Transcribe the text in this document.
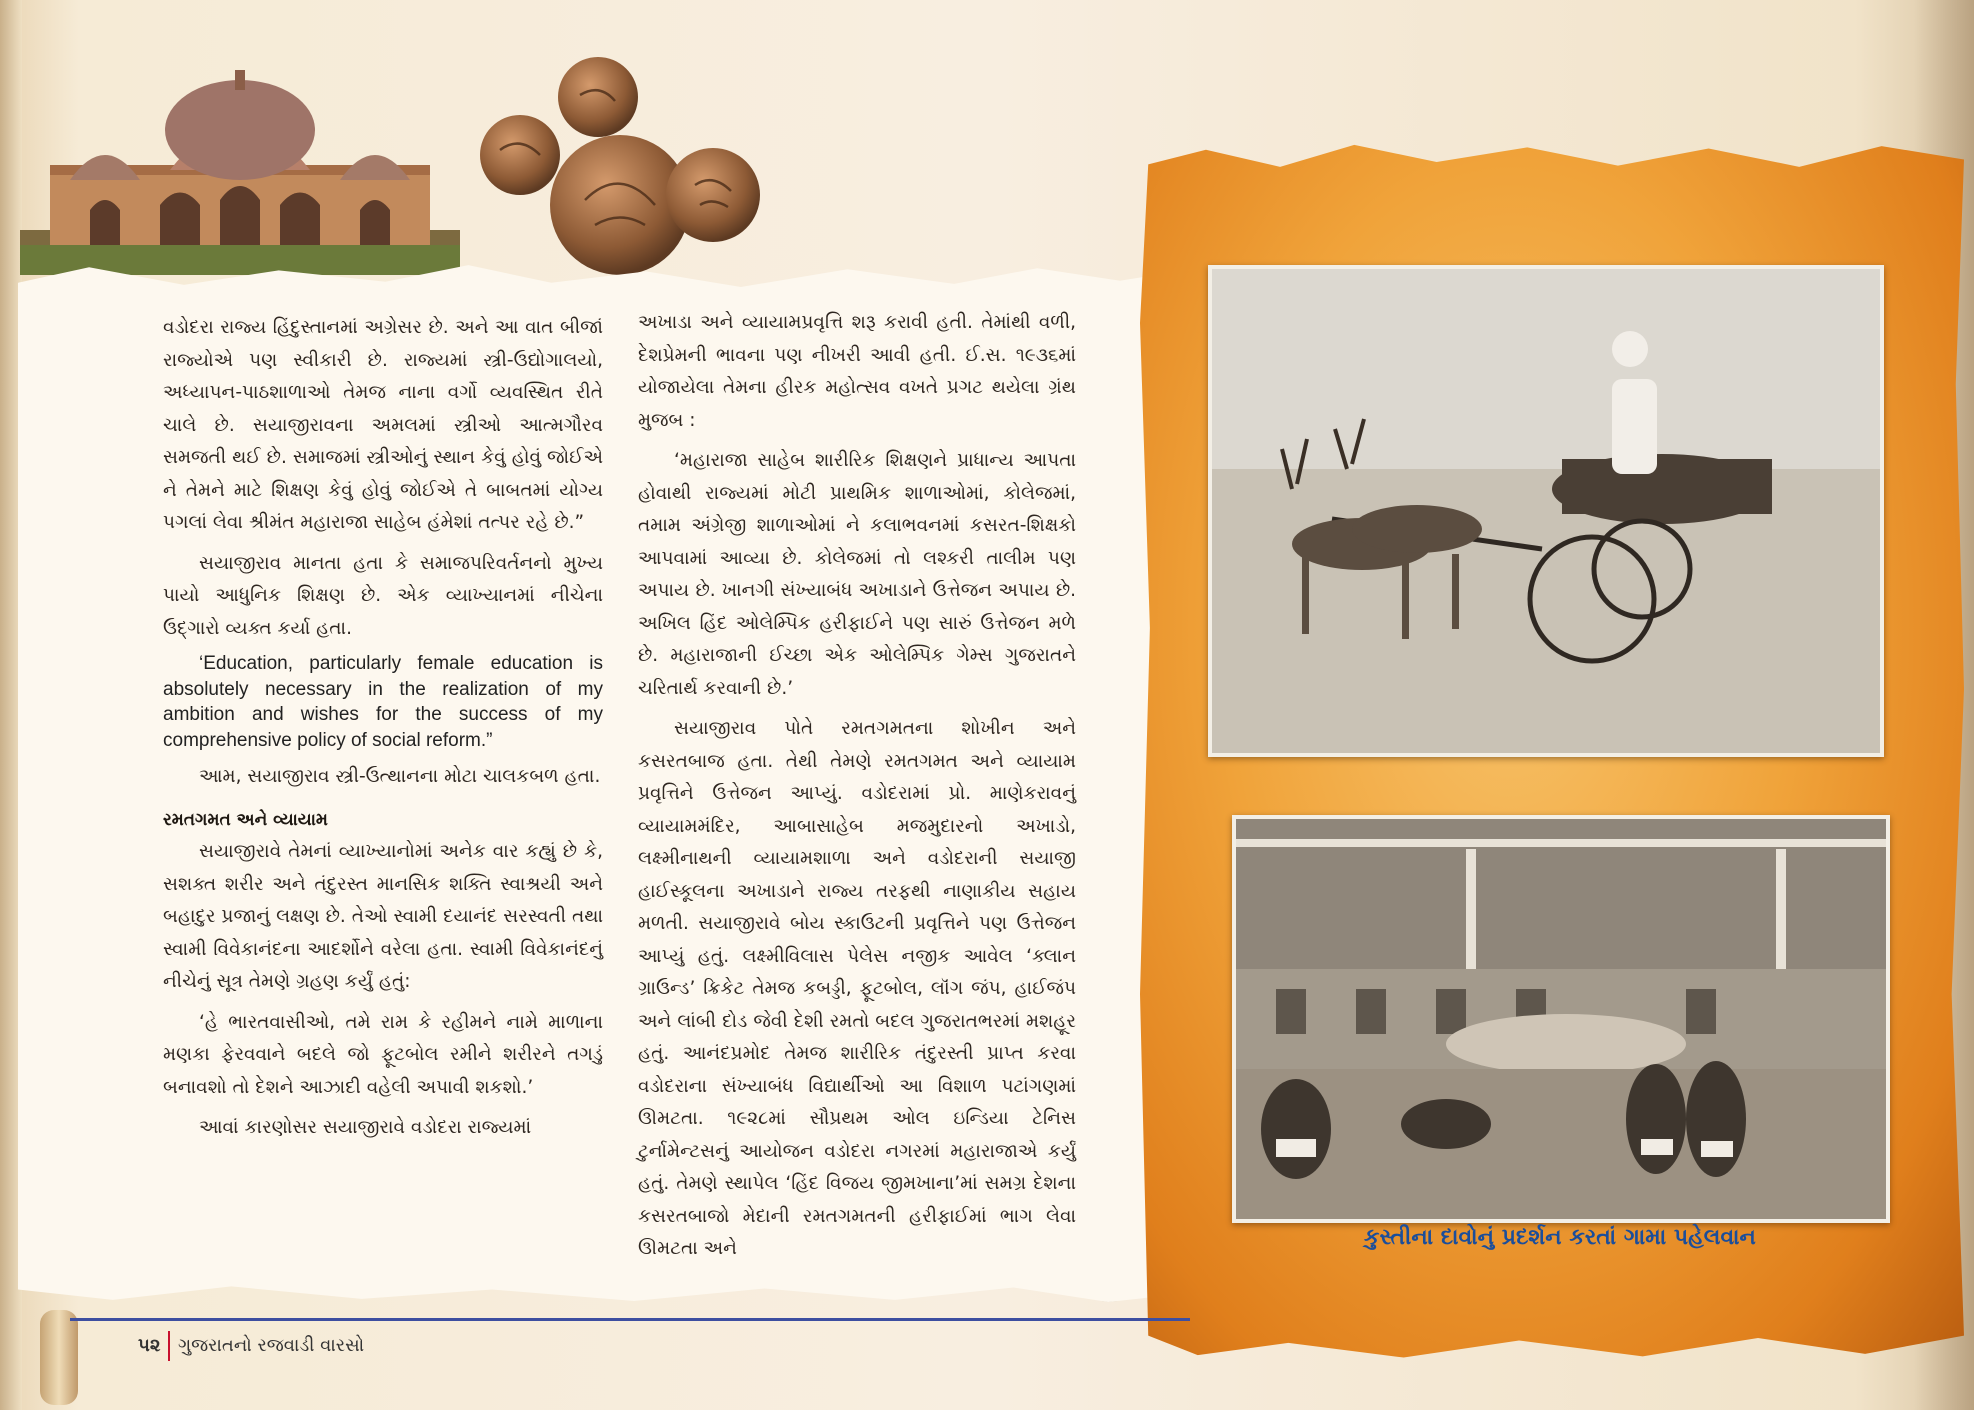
વડોદરા રાજ્ય હિંદુસ્તાનમાં અગ્રેસર છે. અને આ વાત બીજાં રાજ્યોએ પણ સ્વીકારી છે. રાજ્યમાં સ્ત્રી-ઉદ્યોગાલયો, અધ્યાપન-પાઠશાળાઓ તેમજ નાના વર્ગો વ્યવસ્થિત રીતે ચાલે છે. સયાજીરાવના અમલમાં સ્ત્રીઓ આત્મગૌરવ સમજતી થઈ છે. સમાજમાં સ્ત્રીઓનું સ્થાન કેવું હોવું જોઈએ ને તેમને માટે શિક્ષણ કેવું હોવું જોઈએ તે બાબતમાં યોગ્ય પગલાં લેવા શ્રીમંત મહારાજા સાહેબ હંમેશાં તત્પર રહે છે.”

સયાજીરાવ માનતા હતા કે સમાજપરિવર્તનનો મુખ્ય પાયો આધુનિક શિક્ષણ છે. એક વ્યાખ્યાનમાં નીચેના ઉદ્ગારો વ્યક્ત કર્યા હતા.

‘Education, particularly female education is absolutely necessary in the realization of my ambition and wishes for the success of my comprehensive policy of social reform.”

આમ, સયાજીરાવ સ્ત્રી-ઉત્થાનના મોટા ચાલકબળ હતા.

રમતગમત અને વ્યાયામ

સયાજીરાવે તેમનાં વ્યાખ્યાનોમાં અનેક વાર કહ્યું છે કે, સશક્ત શરીર અને તંદુરસ્ત માનસિક શક્તિ સ્વાશ્રયી અને બહાદુર પ્રજાનું લક્ષણ છે. તેઓ સ્વામી દયાનંદ સરસ્વતી તથા સ્વામી વિવેકાનંદના આદર્શોને વરેલા હતા. સ્વામી વિવેકાનંદનું નીચેનું સૂત્ર તેમણે ગ્રહણ કર્યું હતું:

‘હે ભારતવાસીઓ, તમે રામ કે રહીમને નામે માળાના મણકા ફેરવવાને બદલે જો ફૂટબોલ રમીને શરીરને તગડું બનાવશો તો દેશને આઝાદી વહેલી અપાવી શકશો.’

આવાં કારણોસર સયાજીરાવે વડોદરા રાજ્યમાં

અખાડા અને વ્યાયામપ્રવૃત્તિ શરૂ કરાવી હતી. તેમાંથી વળી, દેશપ્રેમની ભાવના પણ નીખરી આવી હતી. ઈ.સ. ૧૯૩૬માં યોજાયેલા તેમના હીરક મહોત્સવ વખતે પ્રગટ થયેલા ગ્રંથ મુજબ :

‘મહારાજા સાહેબ શારીરિક શિક્ષણને પ્રાધાન્ય આપતા હોવાથી રાજ્યમાં મોટી પ્રાથમિક શાળાઓમાં, કોલેજમાં, તમામ અંગ્રેજી શાળાઓમાં ને કલાભવનમાં કસરત-શિક્ષકો આપવામાં આવ્યા છે. કોલેજમાં તો લશ્કરી તાલીમ પણ અપાય છે. ખાનગી સંખ્યાબંધ અખાડાને ઉત્તેજન અપાય છે. અખિલ હિંદ ઓલેમ્પિક હરીફાઈને પણ સારું ઉત્તેજન મળે છે. મહારાજાની ઈચ્છા એક ઓલેમ્પિક ગેમ્સ ગુજરાતને ચરિતાર્થ કરવાની છે.’

સયાજીરાવ પોતે રમતગમતના શોખીન અને કસરતબાજ હતા. તેથી તેમણે રમતગમત અને વ્યાયામ પ્રવૃત્તિને ઉત્તેજન આપ્યું. વડોદરામાં પ્રો. માણેકરાવનું વ્યાયામમંદિર, આબાસાહેબ મજમુદારનો અખાડો, લક્ષ્મીનાથની વ્યાયામશાળા અને વડોદરાની સયાજી હાઈસ્કૂલના અખાડાને રાજ્ય તરફથી નાણાકીય સહાય મળતી. સયાજીરાવે બોય સ્કાઉટની પ્રવૃત્તિને પણ ઉત્તેજન આપ્યું હતું. લક્ષ્મીવિલાસ પેલેસ નજીક આવેલ ‘ક્લાન ગ્રાઉન્ડ’ ક્રિકેટ તેમજ કબડ્ડી, ફૂટબોલ, લૉંગ જંપ, હાઈજંપ અને લાંબી દોડ જેવી દેશી રમતો બદલ ગુજરાતભરમાં મશહૂર હતું. આનંદપ્રમોદ તેમજ શારીરિક તંદુરસ્તી પ્રાપ્ત કરવા વડોદરાના સંખ્યાબંધ વિદ્યાર્થીઓ આ વિશાળ પટાંગણમાં ઊમટતા. ૧૯૨૮માં સૌપ્રથમ ઓલ ઇન્ડિયા ટેનિસ ટુર્નામેન્ટસનું આયોજન વડોદરા નગરમાં મહારાજાએ કર્યું હતું. તેમણે સ્થાપેલ ‘હિંદ વિજય જીમખાના’માં સમગ્ર દેશના કસરતબાજો મેદાની રમતગમતની હરીફાઈમાં ભાગ લેવા ઊમટતા અને	કુસ્તીના દાવોનું પ્રદર્શન કરતાં ગામા પહેલવાન
૫૨ ગુજરાતનો રજવાડી વારસો
